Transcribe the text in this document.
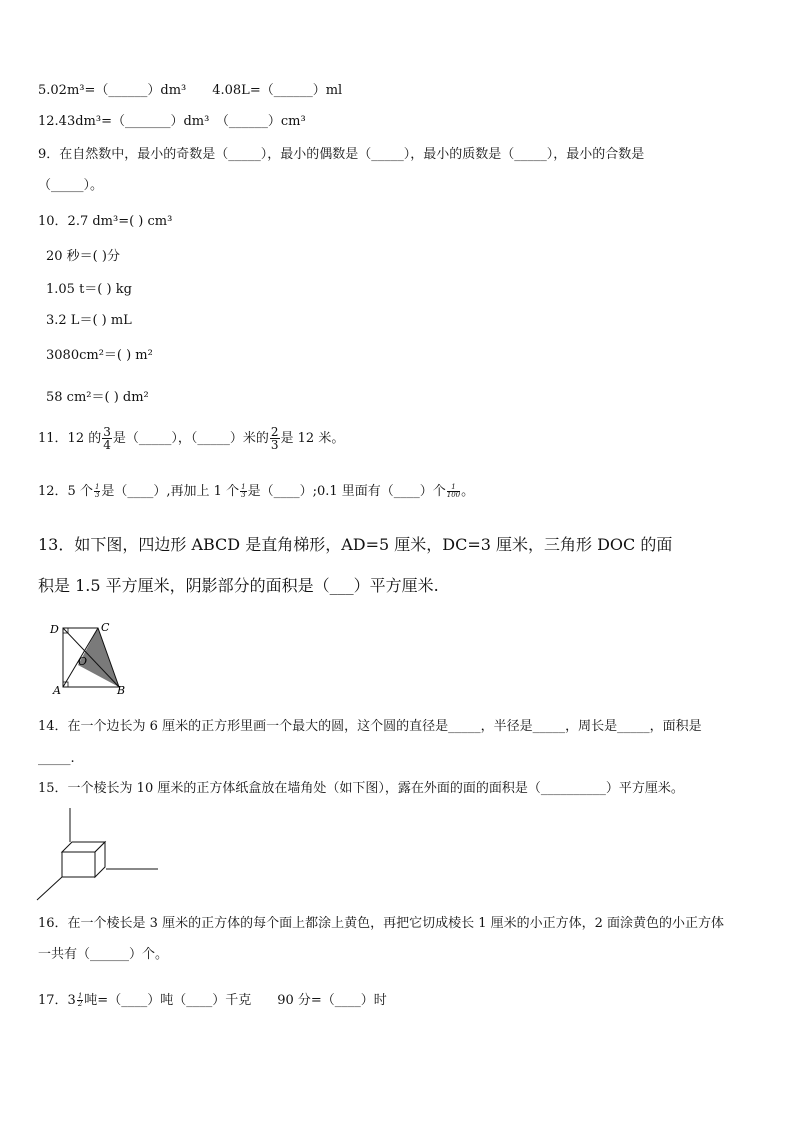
5.02m³=（______）dm³　　4.08L=（______）ml
12.43dm³=（_______）dm³　（______）cm³
9．在自然数中，最小的奇数是（_____），最小的偶数是（_____），最小的质数是（_____），最小的合数是
（_____）。
10．2.7 dm³=( ) cm³
20 秒＝( )分
1.05 t＝( ) kg
3.2 L＝( ) mL
3080cm²＝( ) m²
58 cm²＝( ) dm²
11．12 的 $\frac{3}{4}$ 是（_____），（_____）米的 $\frac{2}{3}$ 是 12 米。
12．5 个 $\frac{1}{3}$ 是（____）,再加上 1 个 $\frac{1}{3}$ 是（____）;0.1 里面有（____）个 $\frac{1}{100}$ 。
13．如下图，四边形 ABCD 是直角梯形，AD=5 厘米，DC=3 厘米，三角形 DOC 的面
积是 1.5 平方厘米，阴影部分的面积是（___）平方厘米.
D	C
O
A	B
14．在一个边长为 6 厘米的正方形里画一个最大的圆，这个圆的直径是_____，半径是_____，周长是_____，面积是
_____.
15．一个棱长为 10 厘米的正方体纸盒放在墙角处（如下图），露在外面的面的面积是（__________）平方厘米。
16．在一个棱长是 3 厘米的正方体的每个面上都涂上黄色，再把它切成棱长 1 厘米的小正方体，2 面涂黄色的小正方体
一共有（______）个。
17．$3 \frac{1}{2}$ 吨=（____）吨（____）千克　　90 分=（____）时
